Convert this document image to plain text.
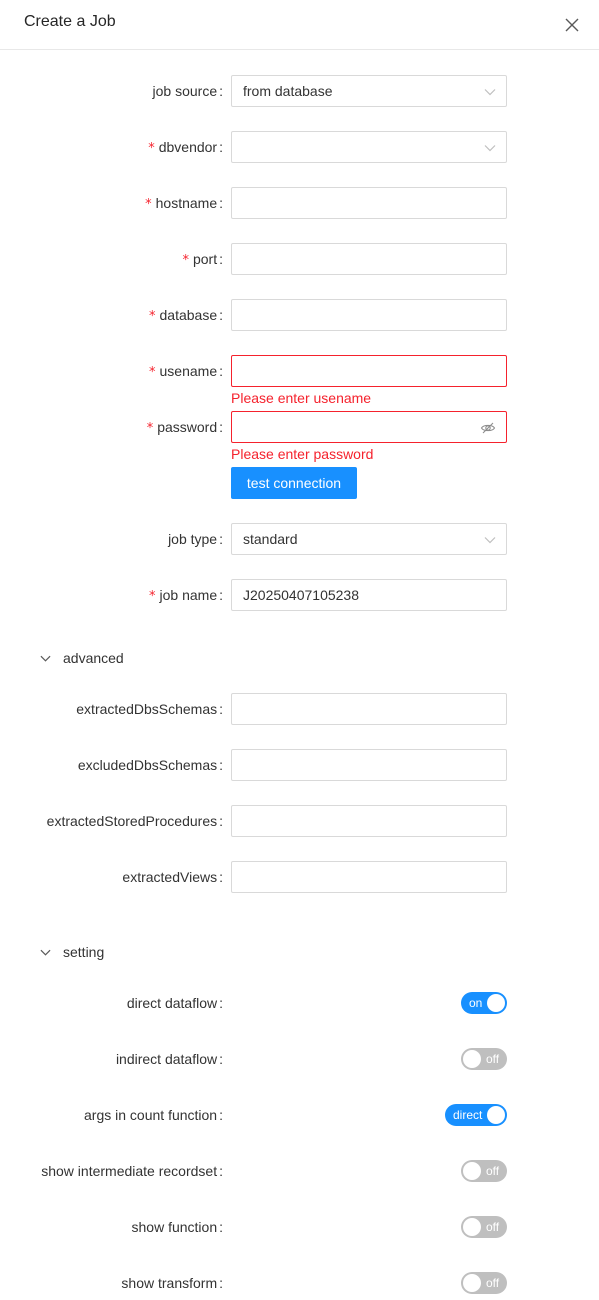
Create a Job
job source :	from database
* dbvendor :
* hostname :
* port :
* database :
* usename :
Please enter usename
* password :
Please enter password
test connection
job type :	standard
* job name :	J20250407105238
advanced
extractedDbsSchemas :
excludedDbsSchemas :
extractedStoredProcedures :
extractedViews :
setting
direct dataflow :	on
indirect dataflow :	off
args in count function :	direct
show intermediate recordset :	off
show function :	off
show transform :	off
